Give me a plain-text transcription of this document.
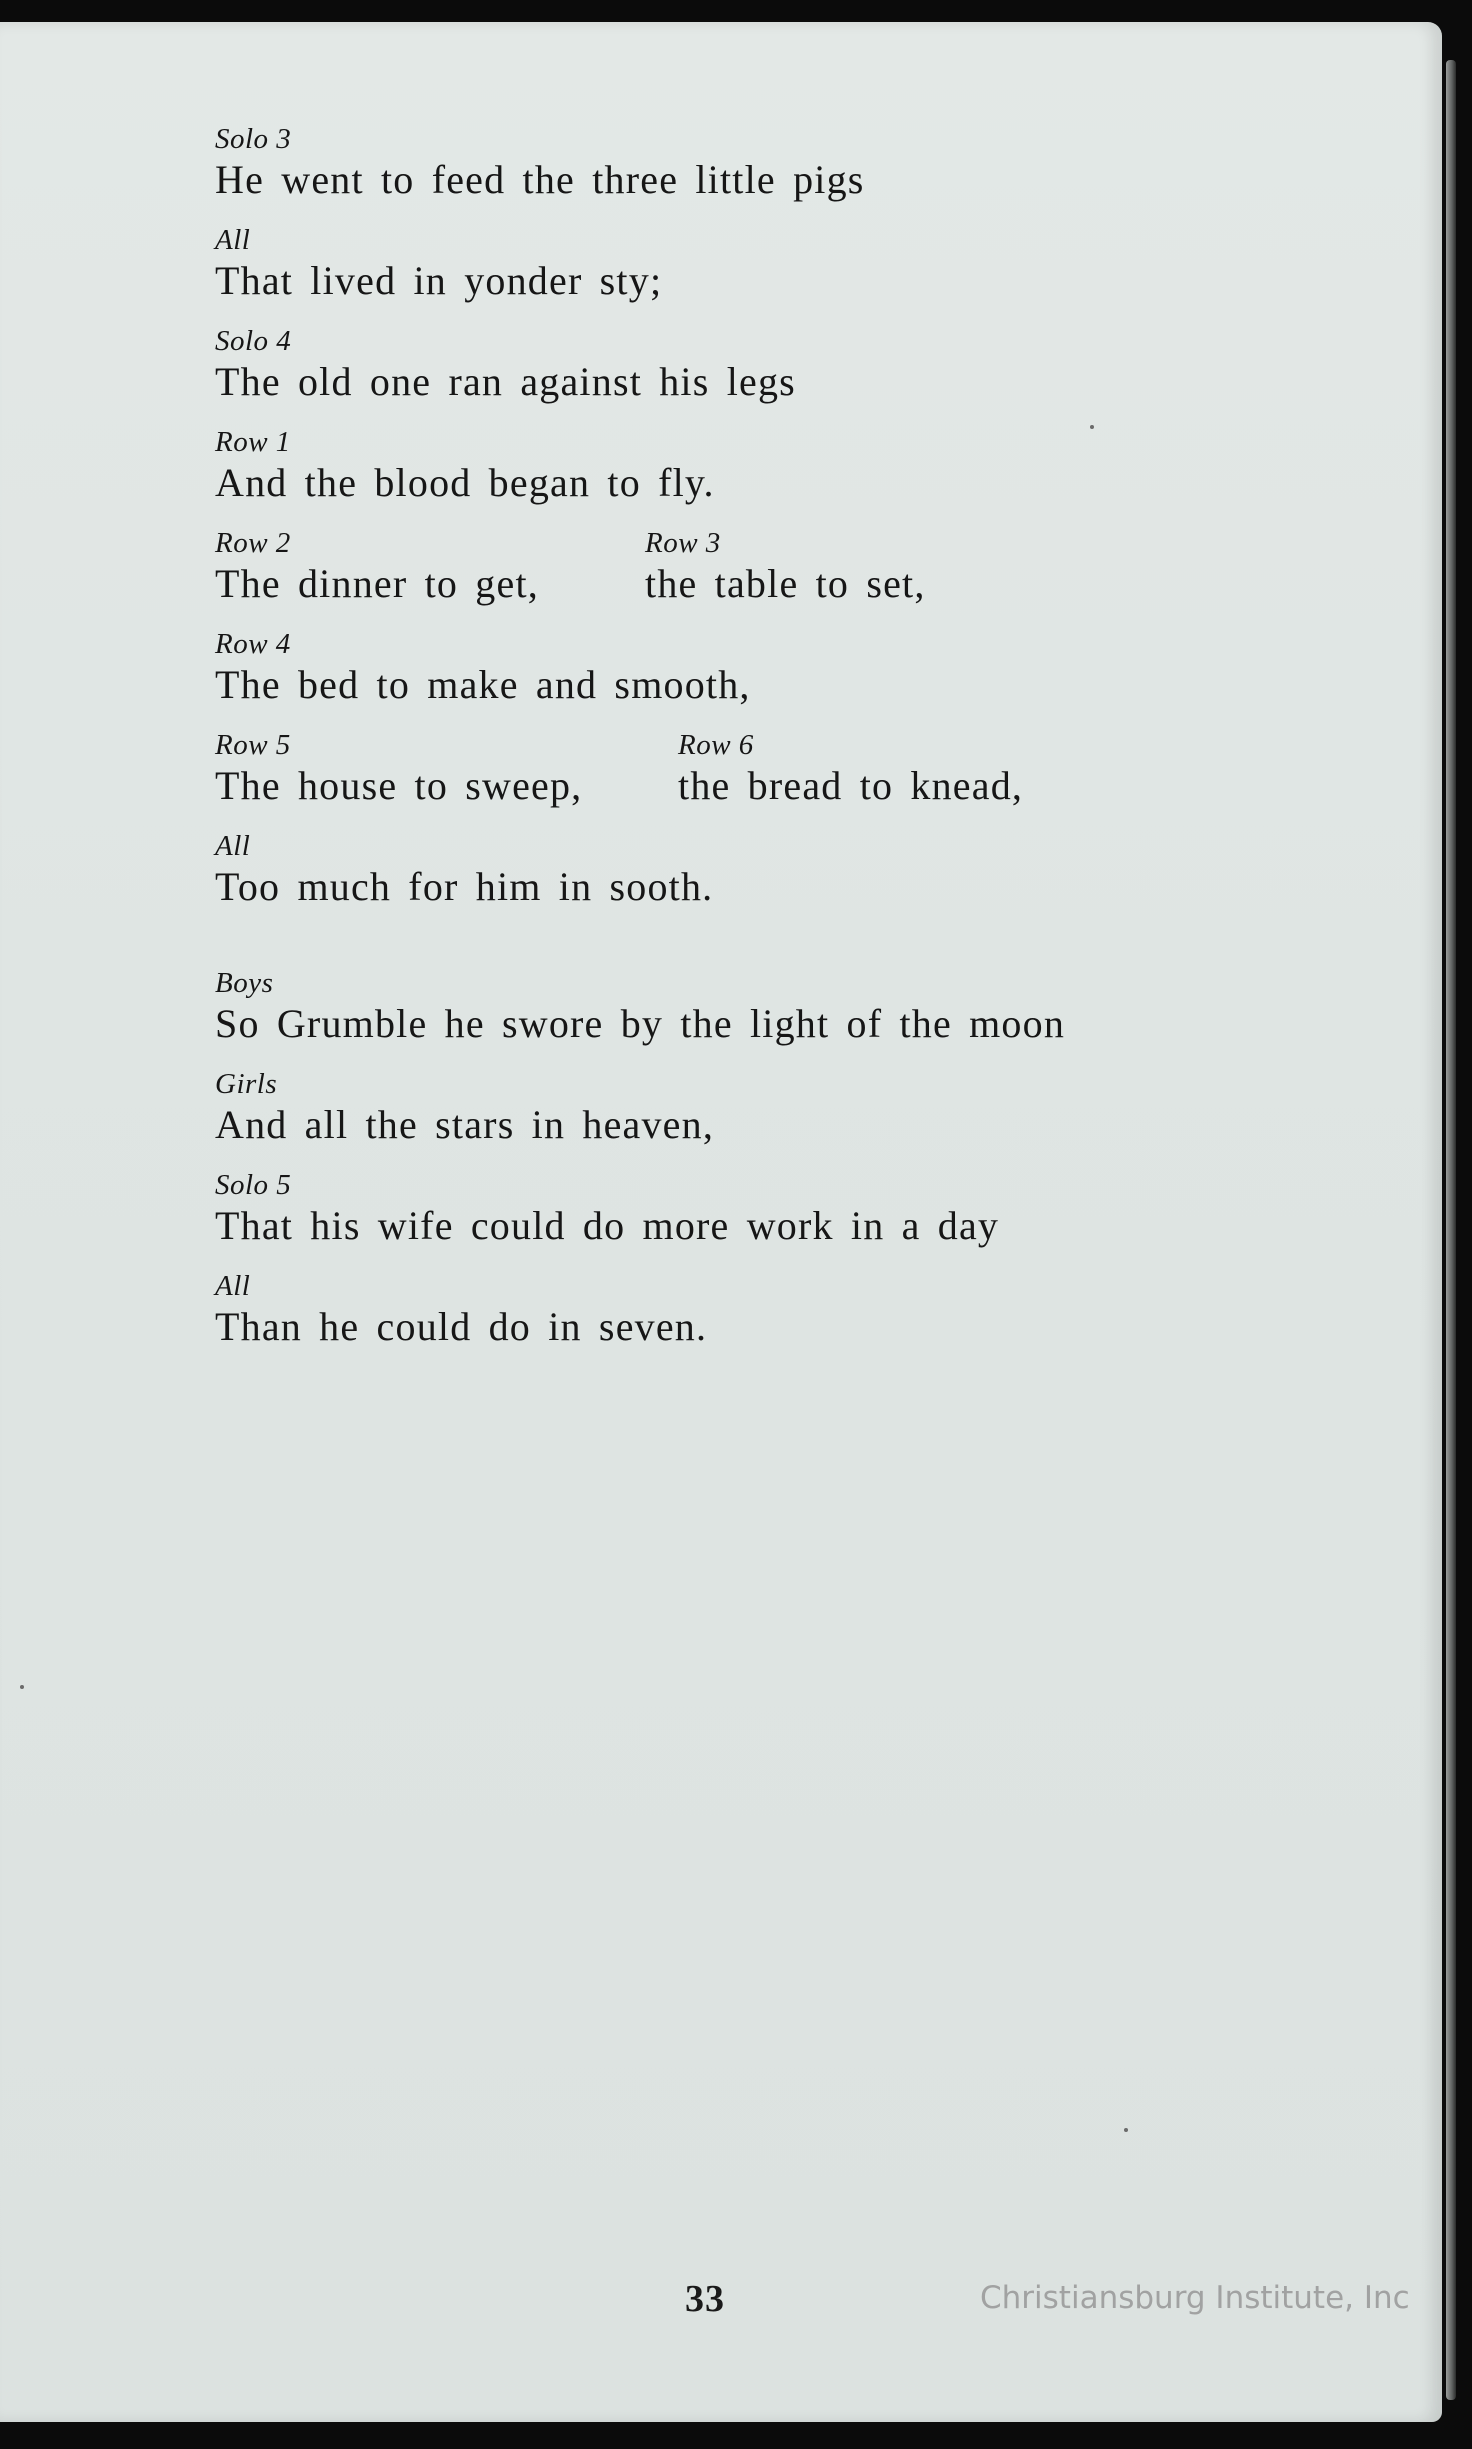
Solo 3
He went to feed the three little pigs
All
That lived in yonder sty;
Solo 4
The old one ran against his legs
Row 1
And the blood began to fly.

Row 2

	Row 3

The dinner to get,

	the table to set,

Row 4
The bed to make and smooth,

Row 5

	Row 6

The house to sweep,

the bread to knead,

All
Too much for him in sooth.
Boys
So Grumble he swore by the light of the moon
Girls
And all the stars in heaven,
Solo 5
That his wife could do more work in a day
All
Than he could do in seven.
33	Christiansburg Institute, Inc
